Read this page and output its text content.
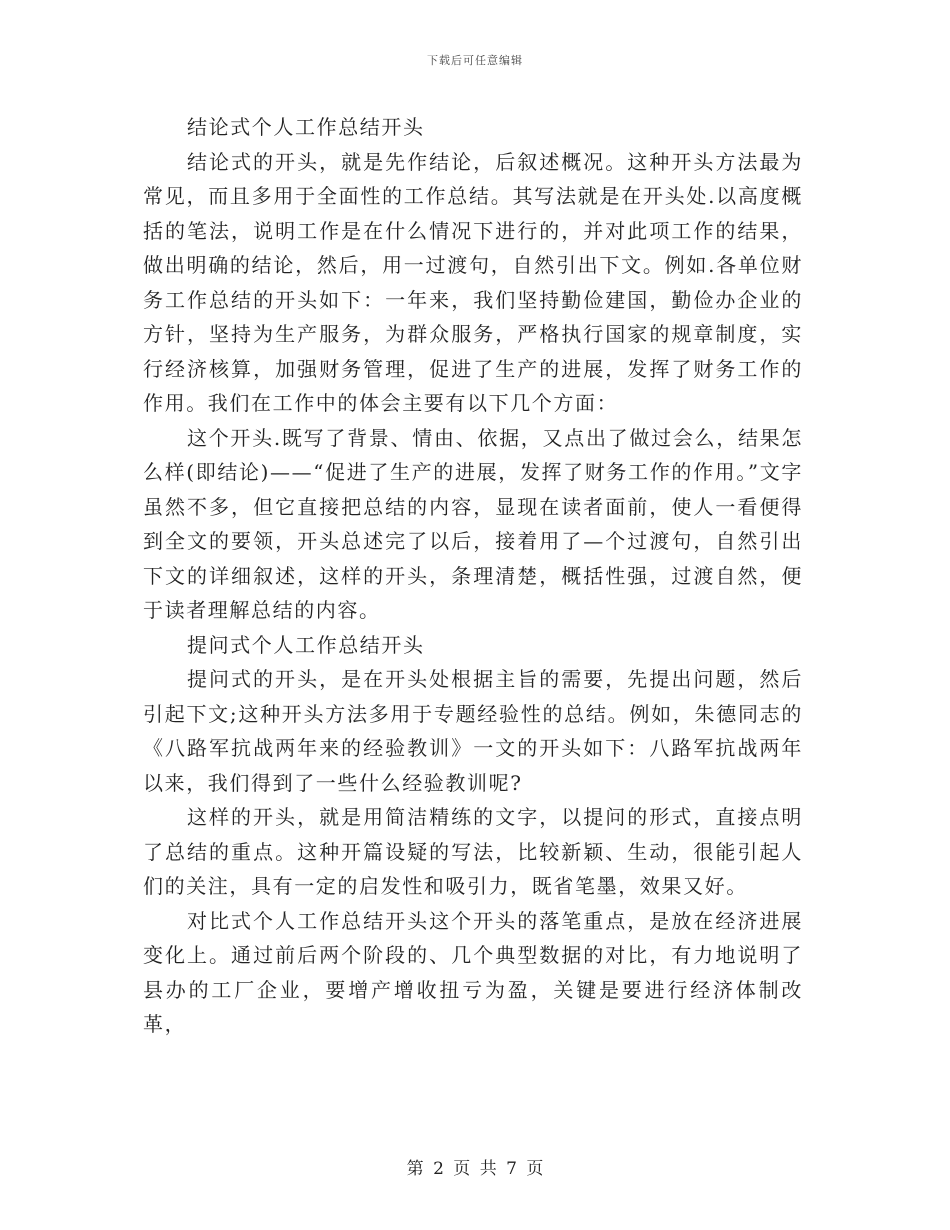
下载后可任意编辑

结论式个人工作总结开头

结论式的开头，就是先作结论，后叙述概况。这种开头方法最为常见，而且多用于全面性的工作总结。其写法就是在开头处.以高度概括的笔法，说明工作是在什么情况下进行的，并对此项工作的结果，做出明确的结论，然后，用一过渡句，自然引出下文。例如.各单位财务工作总结的开头如下：一年来，我们坚持勤俭建国，勤俭办企业的方针，坚持为生产服务，为群众服务，严格执行国家的规章制度，实行经济核算，加强财务管理，促进了生产的进展，发挥了财务工作的作用。我们在工作中的体会主要有以下几个方面：

这个开头.既写了背景、情由、依据，又点出了做过会么，结果怎么样(即结论)——“促进了生产的进展，发挥了财务工作的作用。”文字虽然不多，但它直接把总结的内容，显现在读者面前，使人一看便得到全文的要领，开头总述完了以后，接着用了—个过渡句，自然引出下文的详细叙述，这样的开头，条理清楚，概括性强，过渡自然，便于读者理解总结的内容。

提问式个人工作总结开头

提问式的开头，是在开头处根据主旨的需要，先提出问题，然后引起下文;这种开头方法多用于专题经验性的总结。例如，朱德同志的《八路军抗战两年来的经验教训》一文的开头如下：八路军抗战两年以来，我们得到了一些什么经验教训呢?

这样的开头，就是用简洁精练的文字，以提问的形式，直接点明了总结的重点。这种开篇设疑的写法，比较新颖、生动，很能引起人们的关注，具有一定的启发性和吸引力，既省笔墨，效果又好。

对比式个人工作总结开头这个开头的落笔重点，是放在经济进展变化上。通过前后两个阶段的、几个典型数据的对比，有力地说明了县办的工厂企业，要增产增收扭亏为盈，关键是要进行经济体制改革，

第 2 页 共 7 页
